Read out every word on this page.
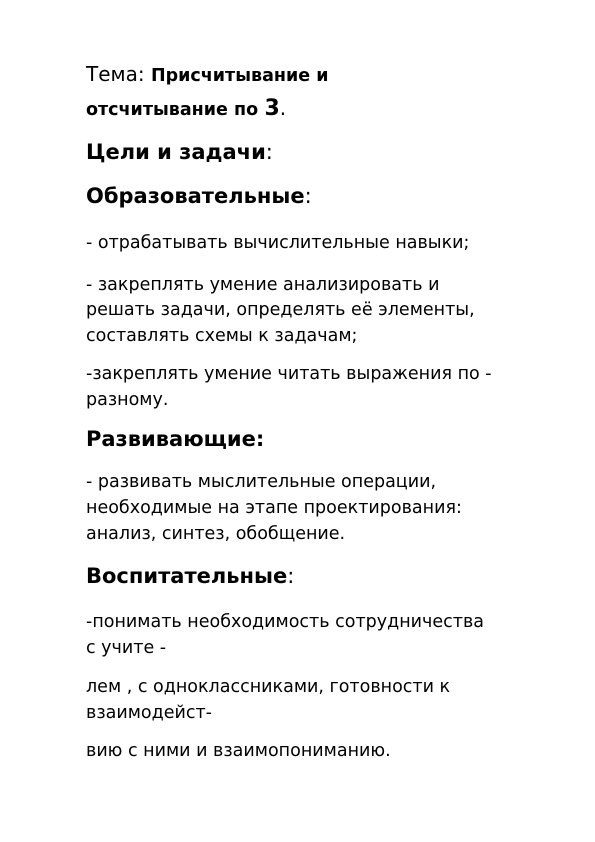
Тема: Присчитывание и
отсчитывание по 3.
Цели и задачи:
Образовательные:
- отрабатывать вычислительные навыки;
- закреплять умение анализировать и
решать задачи, определять её элементы,
составлять схемы к задачам;
-закреплять умение читать выражения по -
разному.
Развивающие:
- развивать мыслительные операции,
необходимые на этапе проектирования:
анализ, синтез, обобщение.
Воспитательные:
-понимать необходимость сотрудничества
с учите -
лем , с одноклассниками, готовности к
взаимодейст-
вию с ними и взаимопониманию.
